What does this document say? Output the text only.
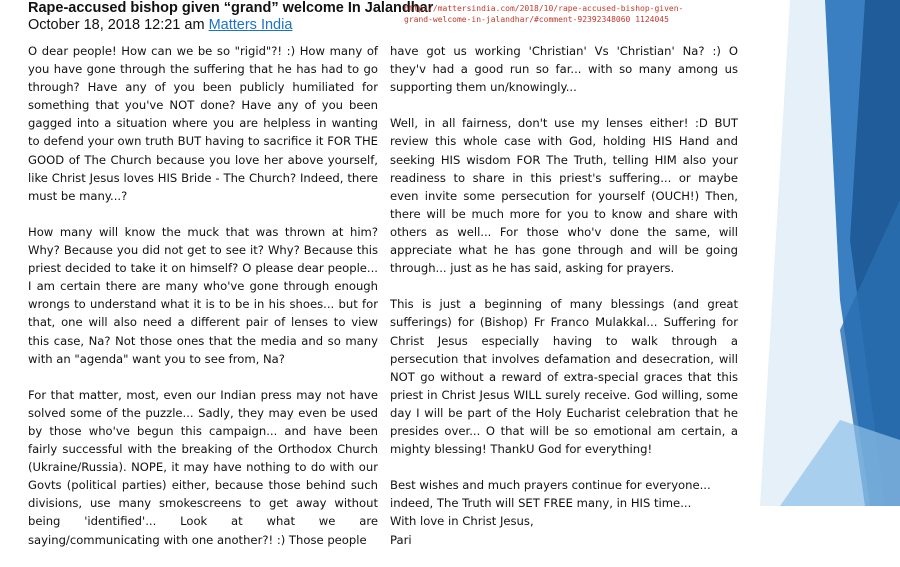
Rape-accused bishop given “grand” welcome In Jalandhar
October 18, 2018 12:21 am Matters India
http://mattersindia.com/2018/10/rape-accused-bishop-given-grand-welcome-in-jalandhar/#comment-92392348060 1124045

O dear people! How can we be so "rigid"?! :) How many of you have gone through the suffering that he has had to go through? Have any of you been publicly humiliated for something that you've NOT done? Have any of you been gagged into a situation where you are helpless in wanting to defend your own truth BUT having to sacrifice it FOR THE GOOD of The Church because you love her above yourself, like Christ Jesus loves HIS Bride - The Church? Indeed, there must be many...?

How many will know the muck that was thrown at him? Why? Because you did not get to see it? Why? Because this priest decided to take it on himself? O please dear people... I am certain there are many who've gone through enough wrongs to understand what it is to be in his shoes... but for that, one will also need a different pair of lenses to view this case, Na? Not those ones that the media and so many with an "agenda" want you to see from, Na?

For that matter, most, even our Indian press may not have solved some of the puzzle... Sadly, they may even be used by those who've begun this campaign... and have been fairly successful with the breaking of the Orthodox Church (Ukraine/Russia). NOPE, it may have nothing to do with our Govts (political parties) either, because those behind such divisions, use many smokescreens to get away without being 'identified'... Look at what we are saying/communicating with one another?! :) Those people

have got us working 'Christian' Vs 'Christian' Na? :) O they'v had a good run so far... with so many among us supporting them un/knowingly...

Well, in all fairness, don't use my lenses either! :D BUT review this whole case with God, holding HIS Hand and seeking HIS wisdom FOR The Truth, telling HIM also your readiness to share in this priest's suffering... or maybe even invite some persecution for yourself (OUCH!) Then, there will be much more for you to know and share with others as well... For those who'v done the same, will appreciate what he has gone through and will be going through... just as he has said, asking for prayers.

This is just a beginning of many blessings (and great sufferings) for (Bishop) Fr Franco Mulakkal... Suffering for Christ Jesus especially having to walk through a persecution that involves defamation and desecration, will NOT go without a reward of extra-special graces that this priest in Christ Jesus WILL surely receive. God willing, some day I will be part of the Holy Eucharist celebration that he presides over... O that will be so emotional am certain, a mighty blessing! ThankU God for everything!

Best wishes and much prayers continue for everyone... indeed, The Truth will SET FREE many, in HIS time...
With love in Christ Jesus,
Pari
